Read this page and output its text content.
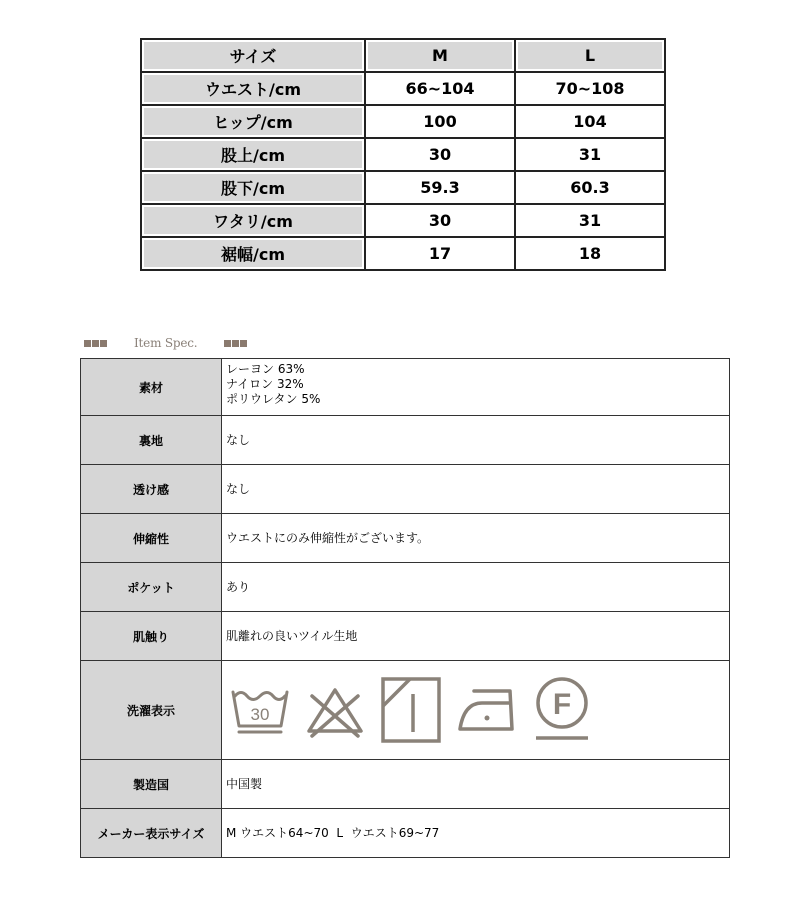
サイズ	M	L
ウエスト/cm	66~104	70~108
ヒップ/cm	100	104
股上/cm	30	31
股下/cm	59.3	60.3
ワタリ/cm	30	31
裾幅/cm	17	18
Item Spec.
素材	レーヨン 63%
ナイロン 32%
ポリウレタン 5%

裏地	なし
透け感	なし
伸縮性	ウエストにのみ伸縮性がございます。
ポケット	あり
肌触り	肌離れの良いツイル生地
洗濯表示	30 F

製造国	中国製
メーカー表示サイズ	M ウエスト64~70  L  ウエスト69~77
